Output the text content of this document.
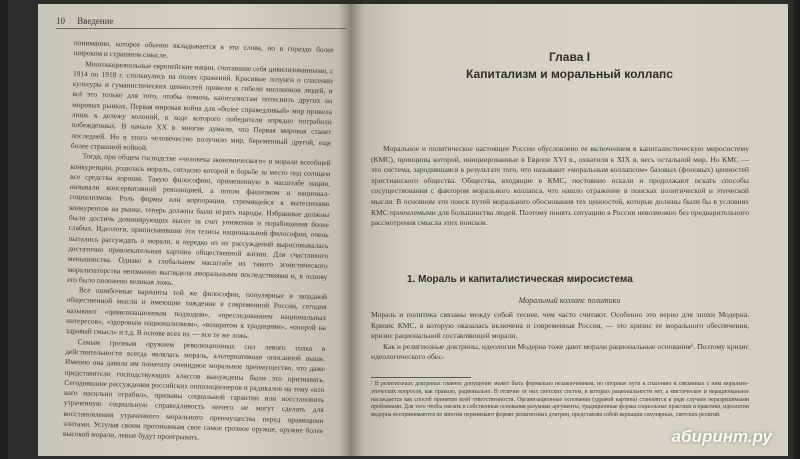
10 Введение

понимании, которое обычно вкладывается в эти слова, но в гораздо более широком и страшном смысле.

Многонациональные европейские нации, считавшие себя цивилизованными, с 1914 по 1918 г. столкнулись на полях сражений. Красивые лозунги о спасении культуры и гуманистических ценностей привели к гибели миллионов людей, и всё это только для того, чтобы помочь капиталистам потеснить других на мировых рынках. Первая мировая война для «более справедливый» мир привела лишь к дележу колоний, в ходе которого победители изрядно пограбили побежденных. В начале XX в. многие думали, что Первая мировая станет последней. Но в этого человечество получило мир, беременный другой, еще более страшной войной.

Тогда, при общем господстве «человека экономического» и морали всеобщей конкуренции, родилась мораль, согласно которой в борьбе за место под солнцем все средства хороши. Такую философию, примененную в масштабе нации, называли консервативной революцией, а потом фашизмом и национал-социализмом. Роль фирмы или корпорации, стремящейся к вытеснению конкурентов на рынке, теперь должны были играть народы. Избранные должны были достичь доминирующих высот за счет унижения и порабощения более слабых. Идеологи, приписывавшие эти тезисы национальной философии, очень пытались рассуждать о морали, и нередко из их рассуждений вырисовывалась достаточно привлекательная картина общественной жизни. Для счастливого меньшинства. Однако в глобальном масштабе их такого эгоистического морализаторства неизменно выглядела аморальными последствиями и, в основу его было положено великая ложь.

Все ошибочные варианты той же философии, популярные в западной общественной мысли и имеющие хождение в современной России, сегодня называют «цивилизационным подходом», «преследованием национальных интересов», «здоровым национализмом», «возвратом к традициям», «опорой на здравый смысл» и т.д. В основе всех их — все те же ложь.

Самым грозным оружием революционных сил левого толка в действительности всегда являлась мораль, альтернативная описанной выше. Именно она давала им поначалу очевидное моральное преимущество, что даже представители господствующих классов вынуждены были это признавать. Сегодняшние рассуждения российских оппозиционеров и радикалов на тему «кто кого насильно ограбил», призывы социальной гарантии или восстановить утраченную социальную справедливость ничего не могут сделать для восстановления утраченного морального преимущества перед правящими элитами. Уступая своим противникам свое самое грозное оружие, оружие более высокой морали, левые будут проигрывать.

Глава I
Капитализм и моральный коллапс

Моральное и политическое настоящее России обусловлено ее включением в капиталистическую миросистему (КМС), принципы которой, инициированные в Европе XVI в., охватили к XIX в. весь остальной мир. Но КМС — это система, зародившаяся в результате того, что называют «моральным коллапсом» базовых (фоновых) ценностей христианского общества. Общества, входящие в КМС, постоянно искали и продолжают искать способы сосуществования с фактором морального коллапса, что нашло отражение в поисках политической и этической мысли. В основном эти поиск путей морального обоснования тех ценностей, которые должны были бы в условиях КМС приемлемыми для большинства людей. Поэтому понять ситуацию в России невозможно без предварительного рассмотрения смысла этих поисков.

1. Мораль и капиталистическая миросистема
Моральный коллапс политики

Мораль и политика связаны между собой теснее, чем часто считают. Особенно это верно для эпохи Модерна. Кризис КМС, в которую оказалась включена и современная Россия, — это кризис ее морального обеспечения, кризис рациональной составляющей морали.

Как и религиозные доктрины, идеологии Модерна тоже дают морали рациональные основания¹. Поэтому кризис идеологического обес-

¹ В религиозных доктринах главное допущение может быть формально незаконченным, но опорные пути к спасению и связанных с ним морально-этических вопросов, как правило, рационально. В отличие от них светских систем, в которых рациональности нет, а мистическое и нерациональное насаждается как способ принятия всей ответственности. Организационные основания (здравой картина) становятся в ряде случаев неразрешимыми проблемами. Для того чтобы связать в собственные основания разумные аргументы, традиционные формы социальные практики и практики, идеологии модерна воспринимаются по многим перенимают формат религиозных доктрин, представляя собой вариации секулярных, светских религий.
абиринт.ру
